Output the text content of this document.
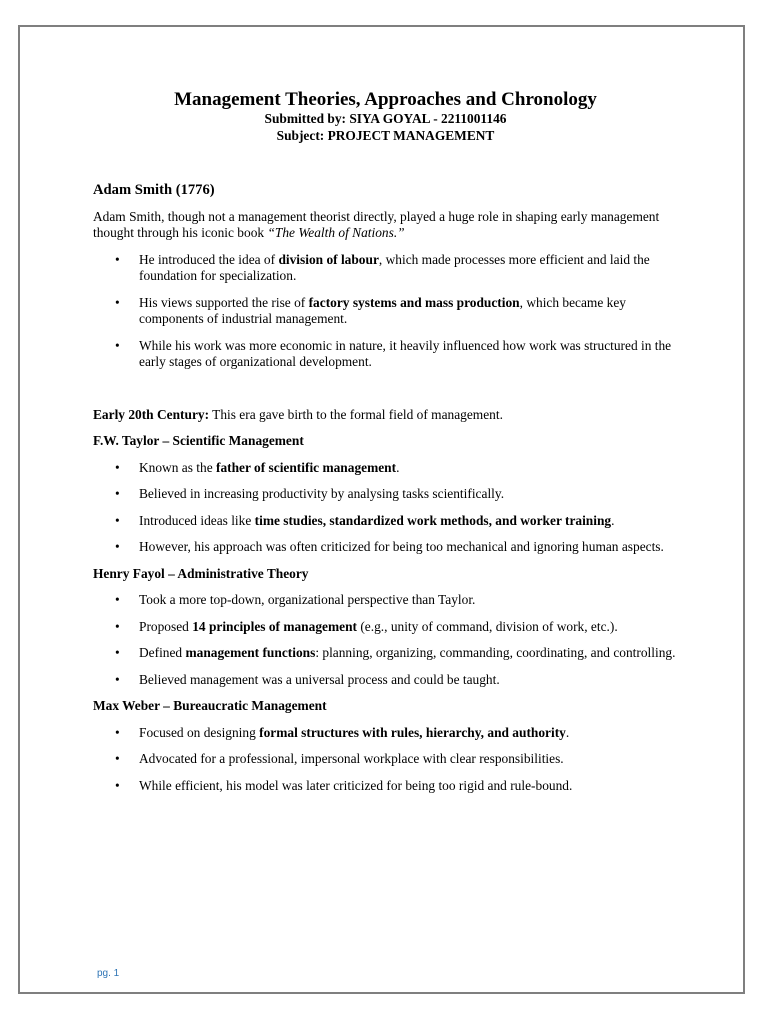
Management Theories, Approaches and Chronology
Submitted by: SIYA GOYAL - 2211001146
Subject: PROJECT MANAGEMENT
Adam Smith (1776)

Adam Smith, though not a management theorist directly, played a huge role in shaping early management thought through his iconic book “The Wealth of Nations.”

• He introduced the idea of division of labour, which made processes more efficient and laid the foundation for specialization.
• His views supported the rise of factory systems and mass production, which became key components of industrial management.
• While his work was more economic in nature, it heavily influenced how work was structured in the early stages of organizational development.

Early 20th Century: This era gave birth to the formal field of management.

F.W. Taylor – Scientific Management
• Known as the father of scientific management.
• Believed in increasing productivity by analysing tasks scientifically.
• Introduced ideas like time studies, standardized work methods, and worker training.
• However, his approach was often criticized for being too mechanical and ignoring human aspects.
Henry Fayol – Administrative Theory
• Took a more top-down, organizational perspective than Taylor.
• Proposed 14 principles of management (e.g., unity of command, division of work, etc.).
• Defined management functions: planning, organizing, commanding, coordinating, and controlling.
• Believed management was a universal process and could be taught.
Max Weber – Bureaucratic Management
• Focused on designing formal structures with rules, hierarchy, and authority.
• Advocated for a professional, impersonal workplace with clear responsibilities.
• While efficient, his model was later criticized for being too rigid and rule-bound.
pg. 1
